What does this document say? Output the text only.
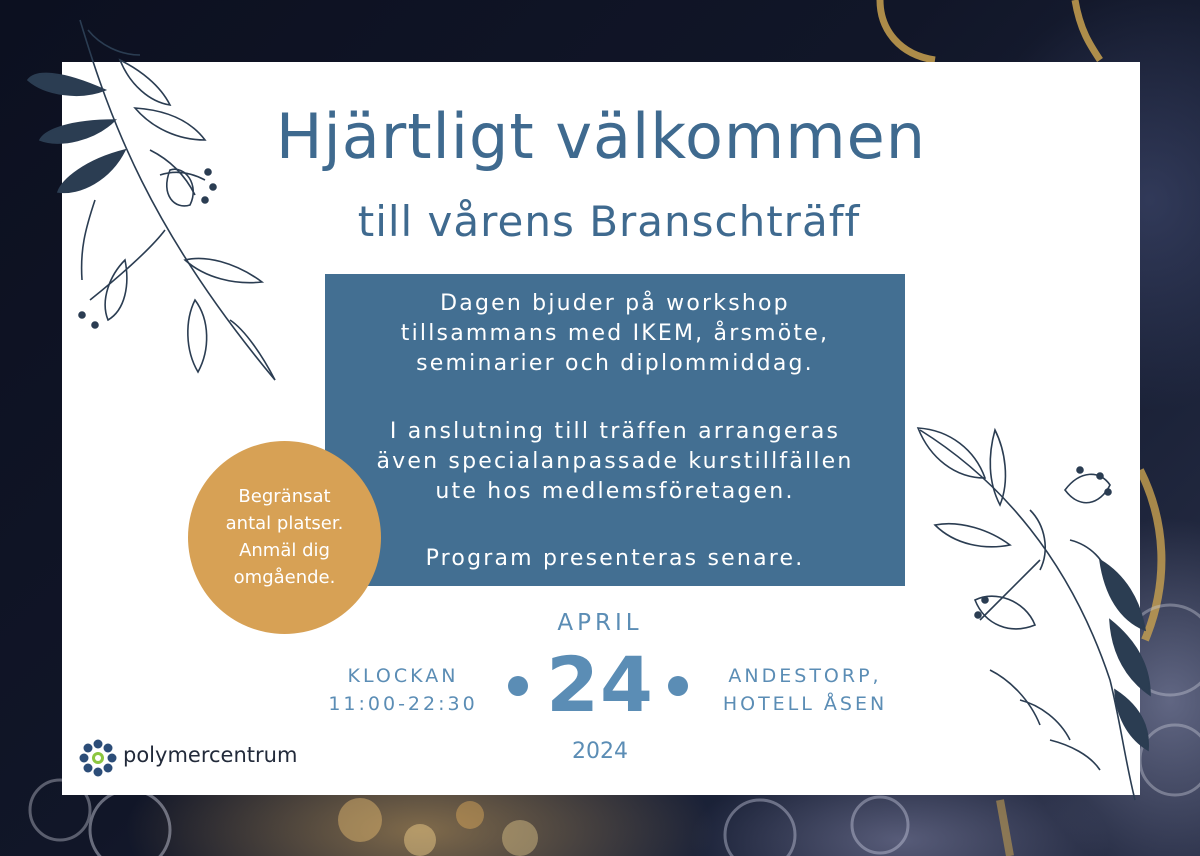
Hjärtligt välkommen
till vårens Branschträff
Dagen bjuder på workshop
tillsammans med IKEM, årsmöte,
seminarier och diplommiddag.
I anslutning till träffen arrangeras
även specialanpassade kurstillfällen
ute hos medlemsföretagen.
Program presenteras senare.
Begränsat
antal platser.
Anmäl dig
omgående.
APRIL
24
2024
KLOCKAN
11:00-22:30
ANDESTORP,
HOTELL ÅSEN
polymercentrum
